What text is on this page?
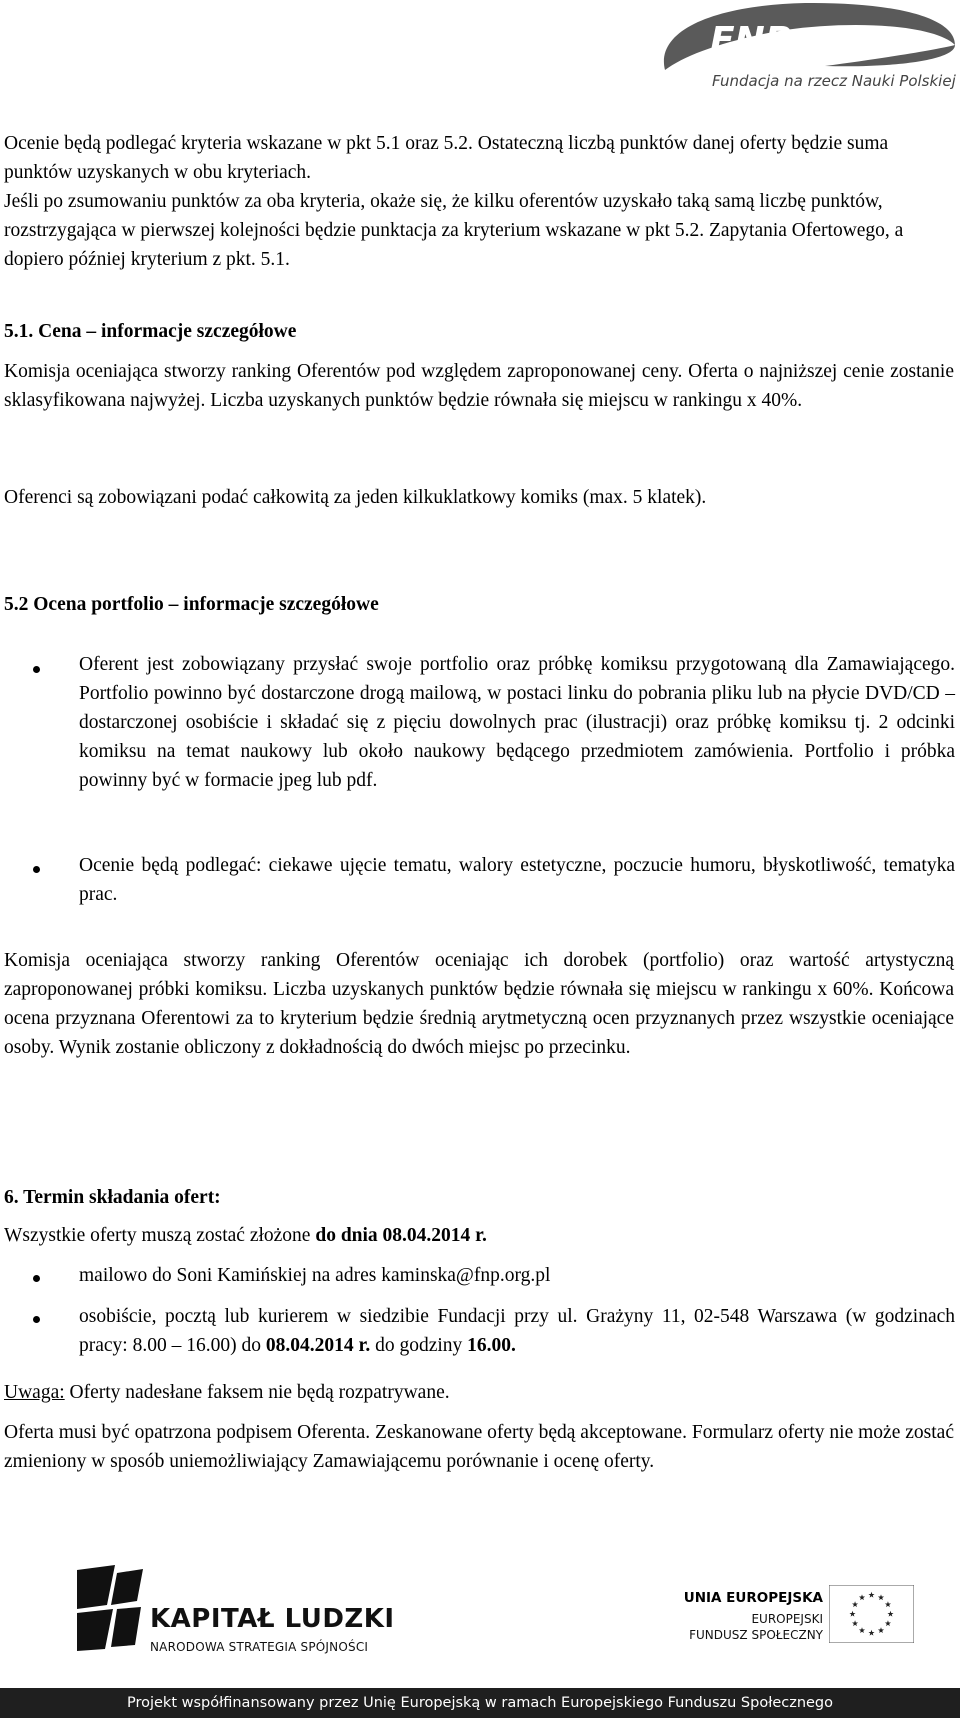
FNP
Fundacja na rzecz Nauki Polskiej

Ocenie będą podlegać kryteria wskazane w pkt 5.1 oraz 5.2. Ostateczną liczbą punktów danej oferty będzie suma punktów uzyskanych w obu kryteriach.

Jeśli po zsumowaniu punktów za oba kryteria, okaże się, że kilku oferentów uzyskało taką samą liczbę punktów, rozstrzygająca w pierwszej kolejności będzie punktacja za kryterium wskazane w pkt 5.2. Zapytania Ofertowego, a dopiero później kryterium z pkt. 5.1.

5.1. Cena – informacje szczegółowe

Komisja oceniająca stworzy ranking Oferentów pod względem zaproponowanej ceny. Oferta o najniższej cenie zostanie sklasyfikowana najwyżej. Liczba uzyskanych punktów będzie równała się miejscu w rankingu x 40%.

Oferenci są zobowiązani podać całkowitą za jeden kilkuklatkowy komiks (max. 5 klatek).

5.2 Ocena portfolio – informacje szczegółowe

Oferent jest zobowiązany przysłać swoje portfolio oraz próbkę komiksu przygotowaną dla Zamawiającego. Portfolio powinno być dostarczone drogą mailową, w postaci linku do pobrania pliku lub na płycie DVD/CD – dostarczonej osobiście i składać się z pięciu dowolnych prac (ilustracji) oraz próbkę komiksu tj. 2 odcinki komiksu na temat naukowy lub około naukowy będącego przedmiotem zamówienia. Portfolio i próbka powinny być w formacie jpeg lub pdf.

Ocenie będą podlegać: ciekawe ujęcie tematu, walory estetyczne, poczucie humoru, błyskotliwość, tematyka prac.

Komisja oceniająca stworzy ranking Oferentów oceniając ich dorobek (portfolio) oraz wartość artystyczną zaproponowanej próbki komiksu. Liczba uzyskanych punktów będzie równała się miejscu w rankingu x 60%. Końcowa ocena przyznana Oferentowi za to kryterium będzie średnią arytmetyczną ocen przyznanych przez wszystkie oceniające osoby. Wynik zostanie obliczony z dokładnością do dwóch miejsc po przecinku.

6. Termin składania ofert:

Wszystkie oferty muszą zostać złożone do dnia 08.04.2014 r.

mailowo do Soni Kamińskiej na adres kaminska@fnp.org.pl

osobiście, pocztą lub kurierem w siedzibie Fundacji przy ul. Grażyny 11, 02-548 Warszawa (w godzinach pracy: 8.00 – 16.00) do 08.04.2014 r. do godziny 16.00.

Uwaga: Oferty nadesłane faksem nie będą rozpatrywane.

Oferta musi być opatrzona podpisem Oferenta. Zeskanowane oferty będą akceptowane. Formularz oferty nie może zostać zmieniony w sposób uniemożliwiający Zamawiającemu porównanie i ocenę oferty.

KAPITAŁ LUDZKI
NARODOWA STRATEGIA SPÓJNOŚCI
UNIA EUROPEJSKA
EUROPEJSKI
FUNDUSZ SPOŁECZNY
Projekt współfinansowany przez Unię Europejską w ramach Europejskiego Funduszu Społecznego
